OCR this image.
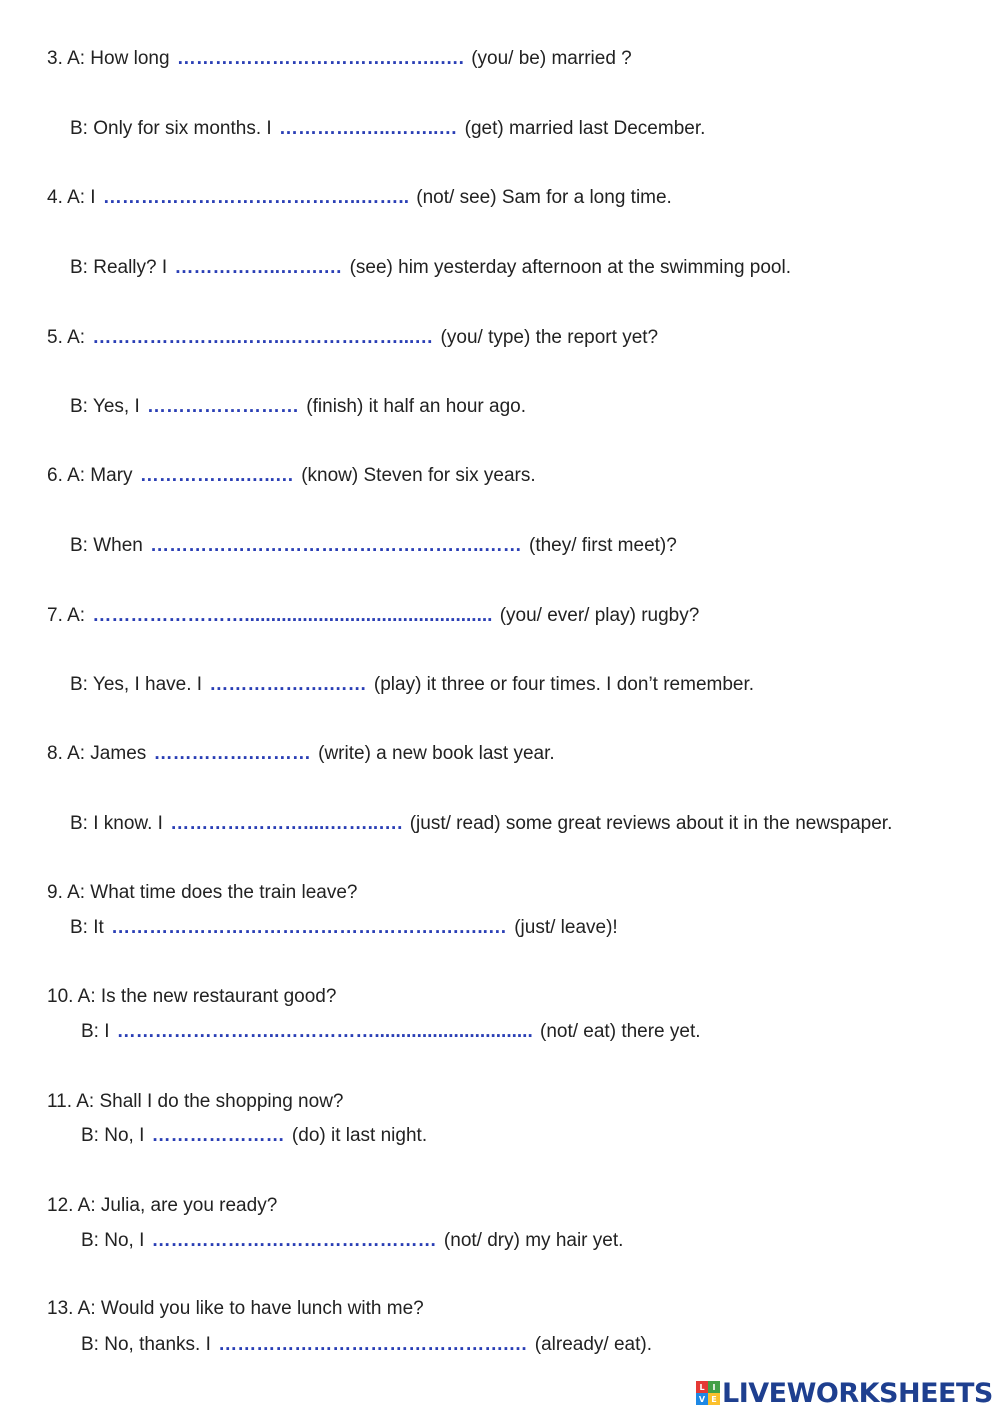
3. A: How long …………………………….……..…. (you/ be) married ?
B: Only for six months. I ………….…..……..… (get) married last December.
4. A: I …………………………………..…….. (not/ see) Sam for a long time.
B: Really? I ……………..…….… (see) him yesterday afternoon at the swimming pool.
5. A: …………………..……..………………...… (you/ type) the report yet?
B: Yes, I …………………… (finish) it half an hour ago.
6. A: Mary ……………..…..… (know) Steven for six years.
B: When ……………………………………………..…… (they/ first meet)?
7. A: ……………………............................................... (you/ ever/ play) rugby?
B: Yes, I have. I ……………….…… (play) it three or four times. I don’t remember.
8. A: James …………….……… (write) a new book last year.
B: I know. I ………………….....……..…. (just/ read) some great reviews about it in the newspaper.
9. A: What time does the train leave?
B: It ……………………………………………….…..… (just/ leave)!
10. A: Is the new restaurant good?
B: I ……………………..…………….............................. (not/ eat) there yet.
11. A: Shall I do the shopping now?
B: No, I ………………… (do) it last night.
12. A: Julia, are you ready?
B: No, I ……………………………………… (not/ dry) my hair yet.
13. A: Would you like to have lunch with me?
B: No, thanks. I ……………………………………….… (already/ eat).
L I
V E LIVEWORKSHEETS
